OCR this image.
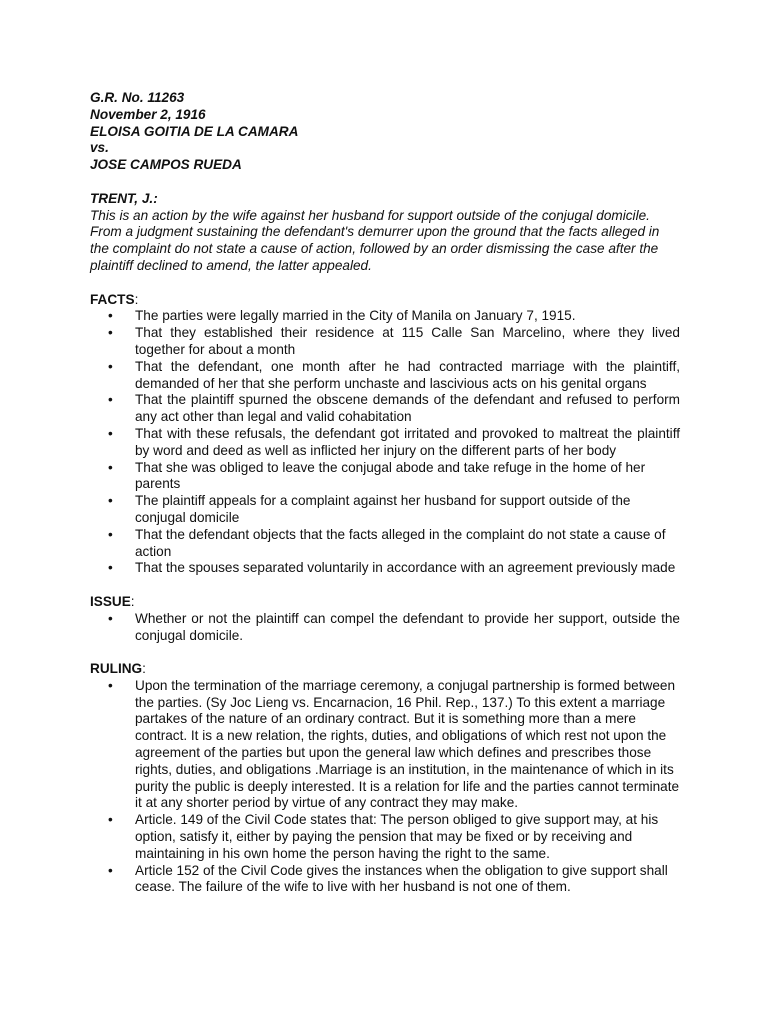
G.R. No. 11263

November 2, 1916

ELOISA GOITIA DE LA CAMARA

vs.

JOSE CAMPOS RUEDA

TRENT, J.:

This is an action by the wife against her husband for support outside of the conjugal domicile. From a judgment sustaining the defendant's demurrer upon the ground that the facts alleged in the complaint do not state a cause of action, followed by an order dismissing the case after the plaintiff declined to amend, the latter appealed.

FACTS:

• The parties were legally married in the City of Manila on January 7, 1915.
• That they established their residence at 115 Calle San Marcelino, where they lived together for about a month
• That the defendant, one month after he had contracted marriage with the plaintiff, demanded of her that she perform unchaste and lascivious acts on his genital organs
• That the plaintiff spurned the obscene demands of the defendant and refused to perform any act other than legal and valid cohabitation
• That with these refusals, the defendant got irritated and provoked to maltreat the plaintiff by word and deed as well as inflicted her injury on the different parts of her body
• That she was obliged to leave the conjugal abode and take refuge in the home of her parents
• The plaintiff appeals for a complaint against her husband for support outside of the conjugal domicile
• That the defendant objects that the facts alleged in the complaint do not state a cause of action
• That the spouses separated voluntarily in accordance with an agreement previously made

ISSUE:

• Whether or not the plaintiff can compel the defendant to provide her support, outside the conjugal domicile.

RULING:

• Upon the termination of the marriage ceremony, a conjugal partnership is formed between the parties. (Sy Joc Lieng vs. Encarnacion, 16 Phil. Rep., 137.) To this extent a marriage partakes of the nature of an ordinary contract. But it is something more than a mere contract. It is a new relation, the rights, duties, and obligations of which rest not upon the agreement of the parties but upon the general law which defines and prescribes those rights, duties, and obligations .Marriage is an institution, in the maintenance of which in its purity the public is deeply interested. It is a relation for life and the parties cannot terminate it at any shorter period by virtue of any contract they may make.
• Article. 149 of the Civil Code states that: The person obliged to give support may, at his option, satisfy it, either by paying the pension that may be fixed or by receiving and maintaining in his own home the person having the right to the same.
• Article 152 of the Civil Code gives the instances when the obligation to give support shall cease. The failure of the wife to live with her husband is not one of them.
